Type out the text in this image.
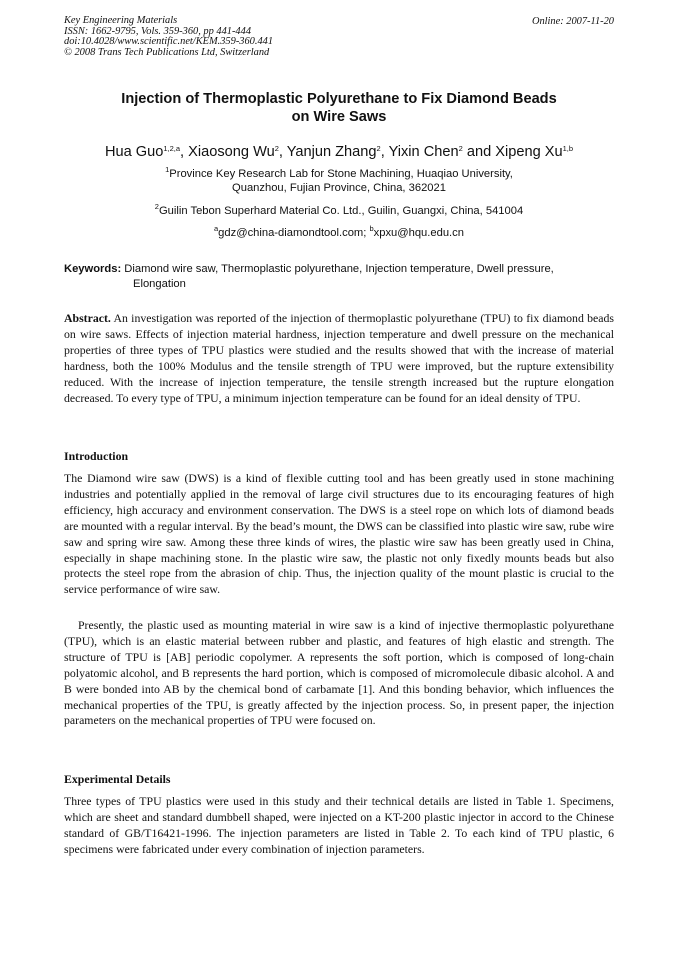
Key Engineering Materials
ISSN: 1662-9795, Vols. 359-360, pp 441-444
doi:10.4028/www.scientific.net/KEM.359-360.441
© 2008 Trans Tech Publications Ltd, Switzerland
Online: 2007-11-20
Injection of Thermoplastic Polyurethane to Fix Diamond Beads
on Wire Saws
Hua Guo$^{1,2,a}$, Xiaosong Wu$^2$, Yanjun Zhang$^2$, Yixin Chen$^2$ and Xipeng Xu$^{1,b}$
$^1$Province Key Research Lab for Stone Machining, Huaqiao University,
Quanzhou, Fujian Province, China, 362021
$^2$Guilin Tebon Superhard Material Co. Ltd., Guilin, Guangxi, China, 541004
$^a$gdz@china-diamondtool.com; $^b$xpxu@hqu.edu.cn
Keywords: Diamond wire saw, Thermoplastic polyurethane, Injection temperature, Dwell pressure,
Elongation
Abstract. An investigation was reported of the injection of thermoplastic polyurethane (TPU) to fix diamond beads on wire saws. Effects of injection material hardness, injection temperature and dwell pressure on the mechanical properties of three types of TPU plastics were studied and the results showed that with the increase of material hardness, both the 100% Modulus and the tensile strength of TPU were improved, but the rupture extensibility reduced. With the increase of injection temperature, the tensile strength increased but the rupture elongation decreased. To every type of TPU, a minimum injection temperature can be found for an ideal density of TPU.
Introduction
The Diamond wire saw (DWS) is a kind of flexible cutting tool and has been greatly used in stone machining industries and potentially applied in the removal of large civil structures due to its encouraging features of high efficiency, high accuracy and environment conservation. The DWS is a steel rope on which lots of diamond beads are mounted with a regular interval. By the bead’s mount, the DWS can be classified into plastic wire saw, rube wire saw and spring wire saw. Among these three kinds of wires, the plastic wire saw has been greatly used in China, especially in shape machining stone. In the plastic wire saw, the plastic not only fixedly mounts beads but also protects the steel rope from the abrasion of chip. Thus, the injection quality of the mount plastic is crucial to the service performance of wire saw.
Presently, the plastic used as mounting material in wire saw is a kind of injective thermoplastic polyurethane (TPU), which is an elastic material between rubber and plastic, and features of high elastic and strength. The structure of TPU is [AB] periodic copolymer. A represents the soft portion, which is composed of long-chain polyatomic alcohol, and B represents the hard portion, which is composed of micromolecule dibasic alcohol. A and B were bonded into AB by the chemical bond of carbamate [1]. And this bonding behavior, which influences the mechanical properties of the TPU, is greatly affected by the injection process. So, in present paper, the injection parameters on the mechanical properties of TPU were focused on.
Experimental Details
Three types of TPU plastics were used in this study and their technical details are listed in Table 1. Specimens, which are sheet and standard dumbbell shaped, were injected on a KT-200 plastic injector in accord to the Chinese standard of GB/T16421-1996. The injection parameters are listed in Table 2. To each kind of TPU plastic, 6 specimens were fabricated under every combination of injection parameters.
